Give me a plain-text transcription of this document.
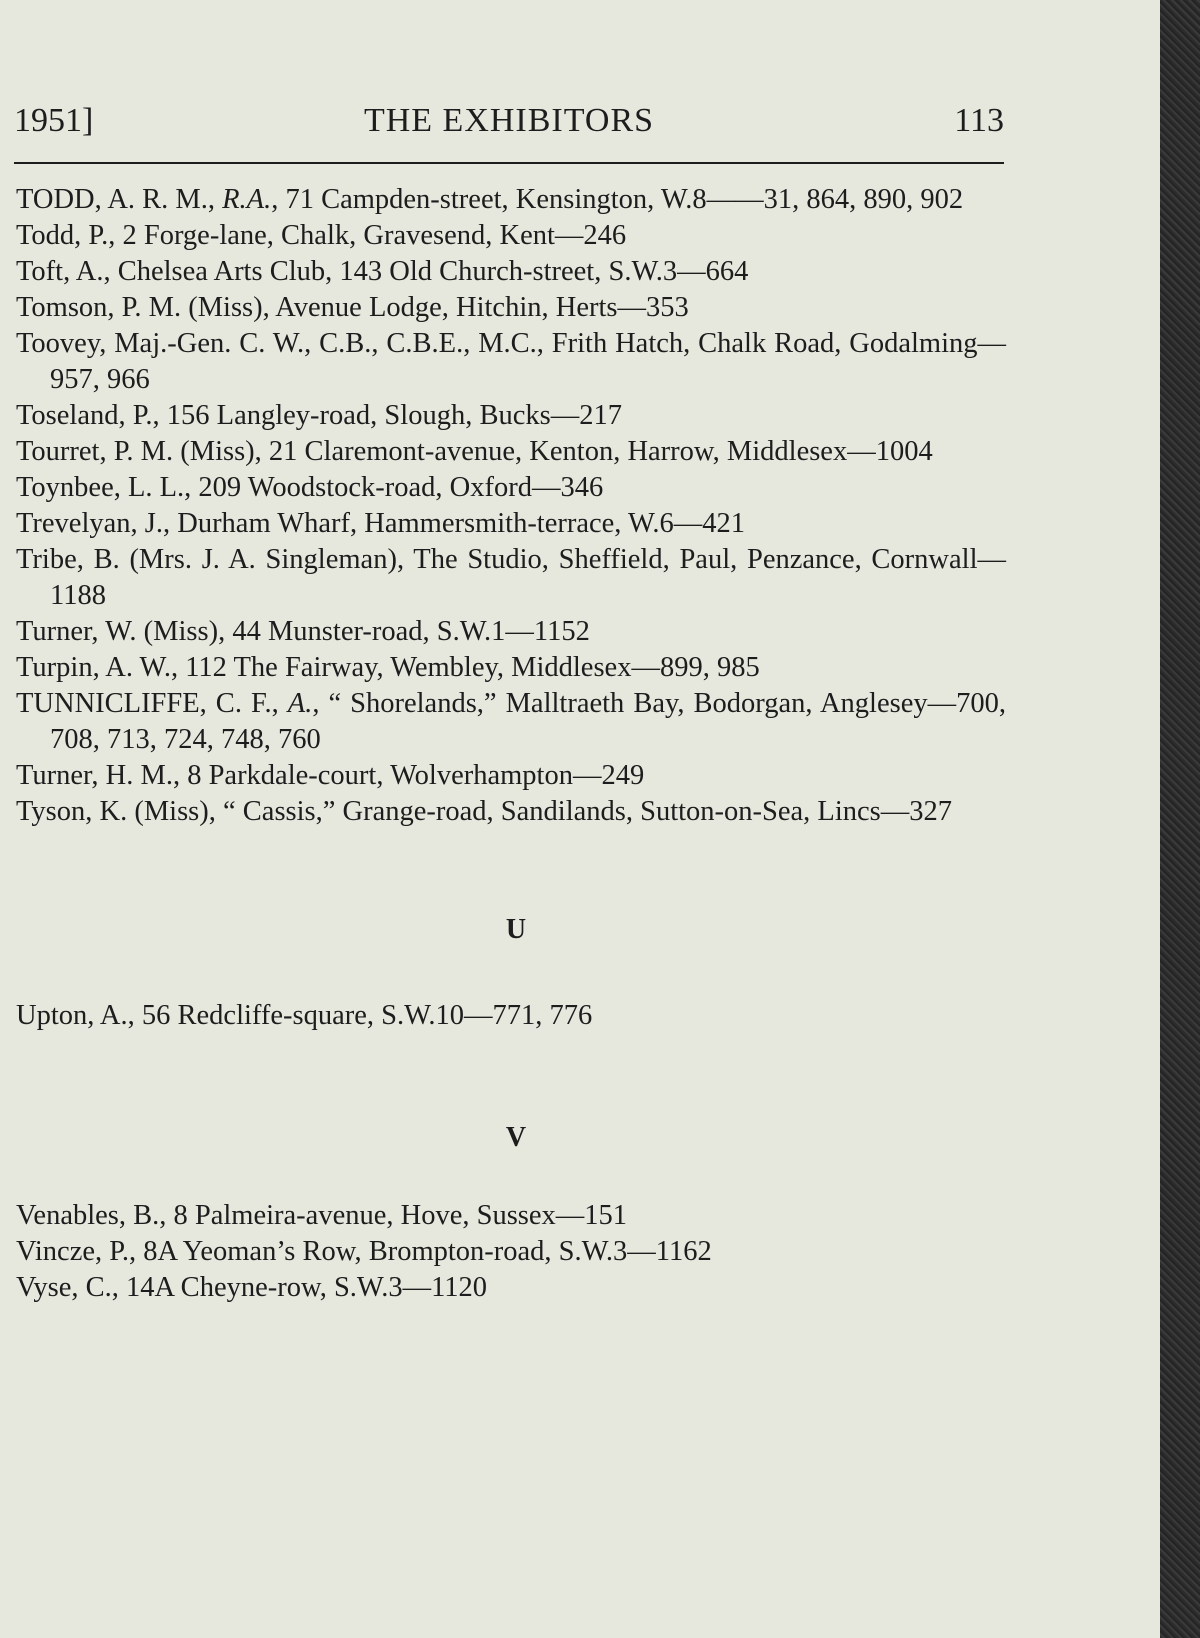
1951]	THE EXHIBITORS	113
TODD, A. R. M., R.A., 71 Campden-street, Kensington, W.8——31, 864, 890, 902
Todd, P., 2 Forge-lane, Chalk, Gravesend, Kent—246
Toft, A., Chelsea Arts Club, 143 Old Church-street, S.W.3—664
Tomson, P. M. (Miss), Avenue Lodge, Hitchin, Herts—353
Toovey, Maj.-Gen. C. W., C.B., C.B.E., M.C., Frith Hatch, Chalk Road, Godalming—957, 966
Toseland, P., 156 Langley-road, Slough, Bucks—217
Tourret, P. M. (Miss), 21 Claremont-avenue, Kenton, Harrow, Middlesex—1004
Toynbee, L. L., 209 Woodstock-road, Oxford—346
Trevelyan, J., Durham Wharf, Hammersmith-terrace, W.6—421
Tribe, B. (Mrs. J. A. Singleman), The Studio, Sheffield, Paul, Penzance, Cornwall—1188
Turner, W. (Miss), 44 Munster-road, S.W.1—1152
Turpin, A. W., 112 The Fairway, Wembley, Middlesex—899, 985
TUNNICLIFFE, C. F., A., “ Shorelands,” Malltraeth Bay, Bodorgan, Anglesey—700, 708, 713, 724, 748, 760
Turner, H. M., 8 Parkdale-court, Wolverhampton—249
Tyson, K. (Miss), “ Cassis,” Grange-road, Sandilands, Sutton-on-Sea, Lincs—327
U
Upton, A., 56 Redcliffe-square, S.W.10—771, 776
V
Venables, B., 8 Palmeira-avenue, Hove, Sussex—151
Vincze, P., 8A Yeoman’s Row, Brompton-road, S.W.3—1162
Vyse, C., 14A Cheyne-row, S.W.3—1120
